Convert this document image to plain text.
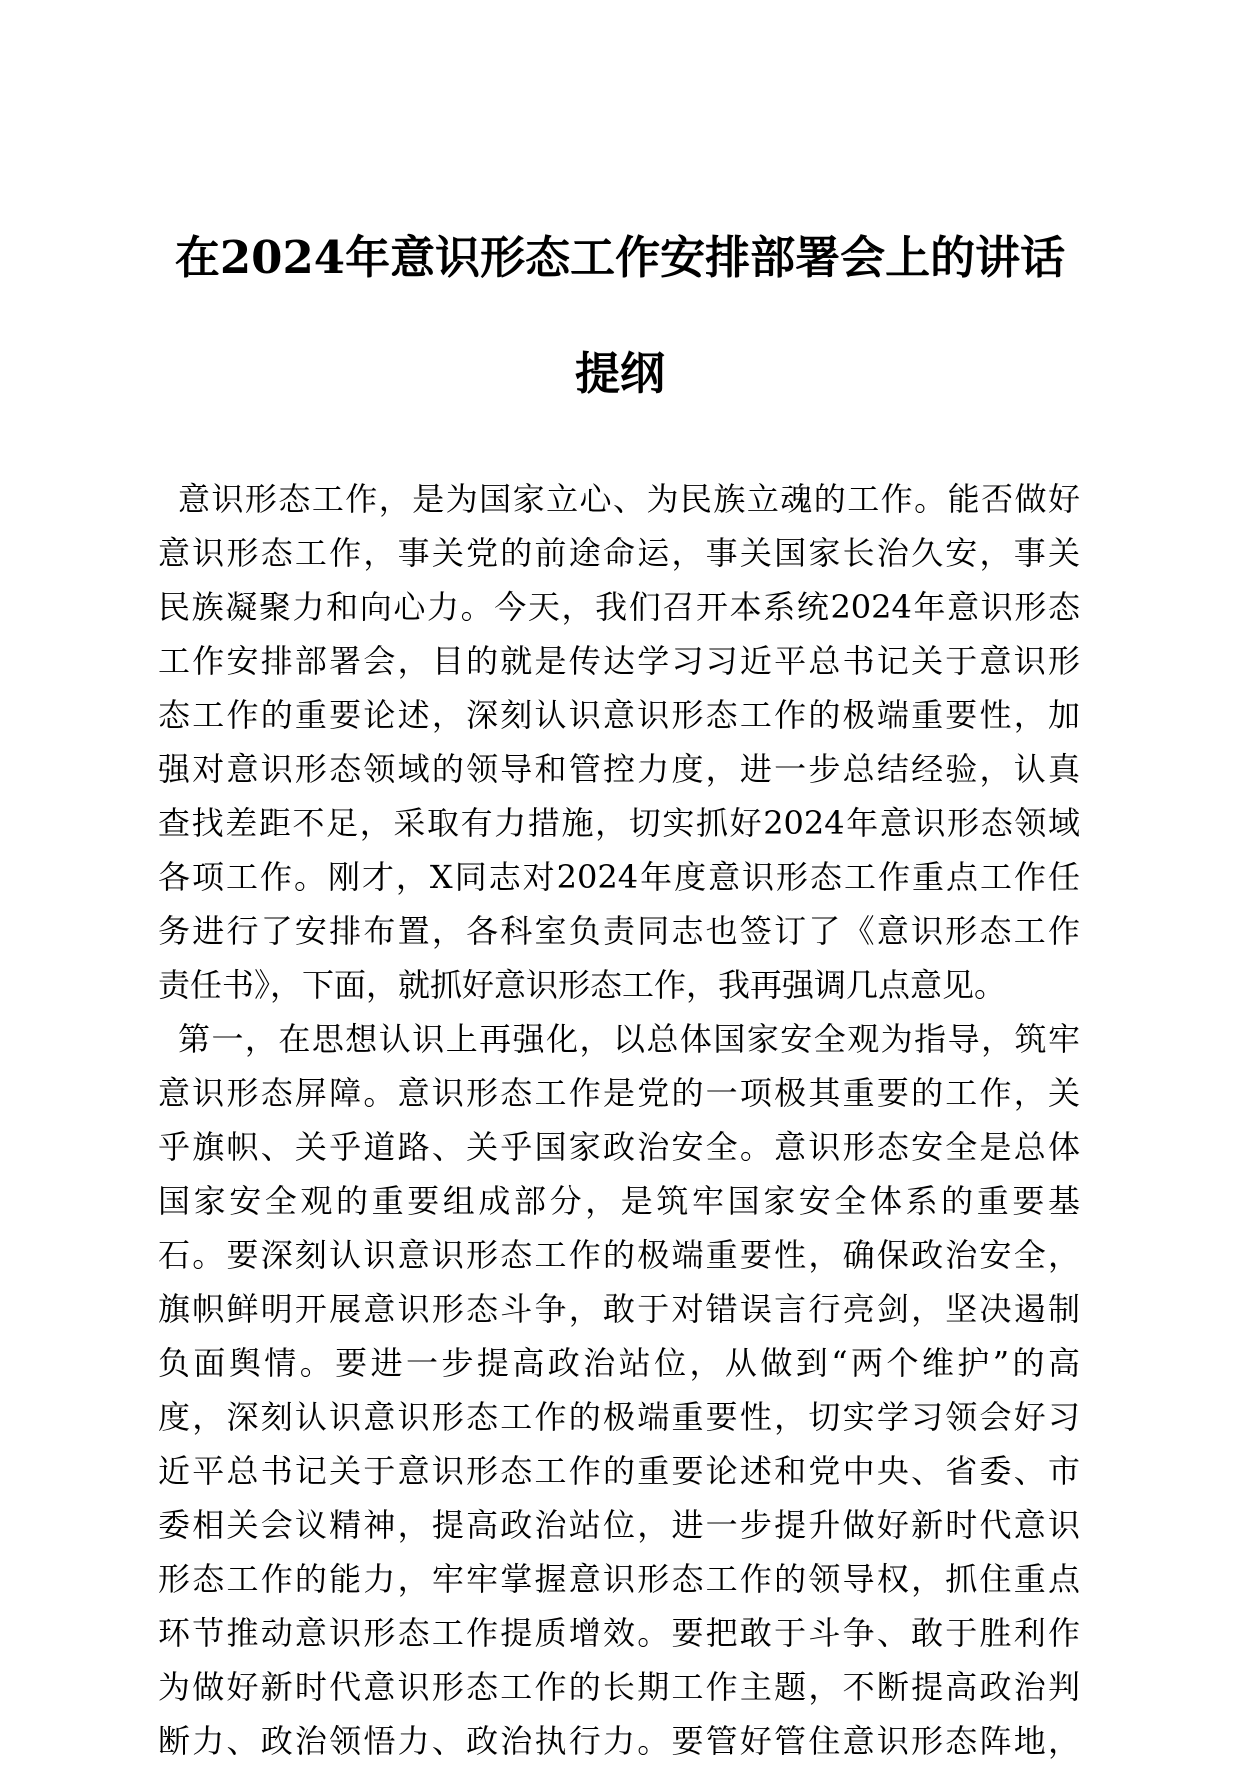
在2024年意识形态工作安排部署会上的讲话
提纲
意识形态工作，是为国家立心、为民族立魂的工作。能否做好
意识形态工作，事关党的前途命运，事关国家长治久安，事关
民族凝聚力和向心力。今天，我们召开本系统2024年意识形态
工作安排部署会，目的就是传达学习习近平总书记关于意识形
态工作的重要论述，深刻认识意识形态工作的极端重要性，加
强对意识形态领域的领导和管控力度，进一步总结经验，认真
查找差距不足，采取有力措施，切实抓好2024年意识形态领域
各项工作。刚才，X同志对2024年度意识形态工作重点工作任
务进行了安排布置，各科室负责同志也签订了《意识形态工作
责任书》，下面，就抓好意识形态工作，我再强调几点意见。
第一，在思想认识上再强化，以总体国家安全观为指导，筑牢
意识形态屏障。意识形态工作是党的一项极其重要的工作，关
乎旗帜、关乎道路、关乎国家政治安全。意识形态安全是总体
国家安全观的重要组成部分，是筑牢国家安全体系的重要基
石。要深刻认识意识形态工作的极端重要性，确保政治安全，
旗帜鲜明开展意识形态斗争，敢于对错误言行亮剑，坚决遏制
负面舆情。要进一步提高政治站位，从做到“两个维护”的高
度，深刻认识意识形态工作的极端重要性，切实学习领会好习
近平总书记关于意识形态工作的重要论述和党中央、省委、市
委相关会议精神，提高政治站位，进一步提升做好新时代意识
形态工作的能力，牢牢掌握意识形态工作的领导权，抓住重点
环节推动意识形态工作提质增效。要把敢于斗争、敢于胜利作
为做好新时代意识形态工作的长期工作主题，不断提高政治判
断力、政治领悟力、政治执行力。要管好管住意识形态阵地，
